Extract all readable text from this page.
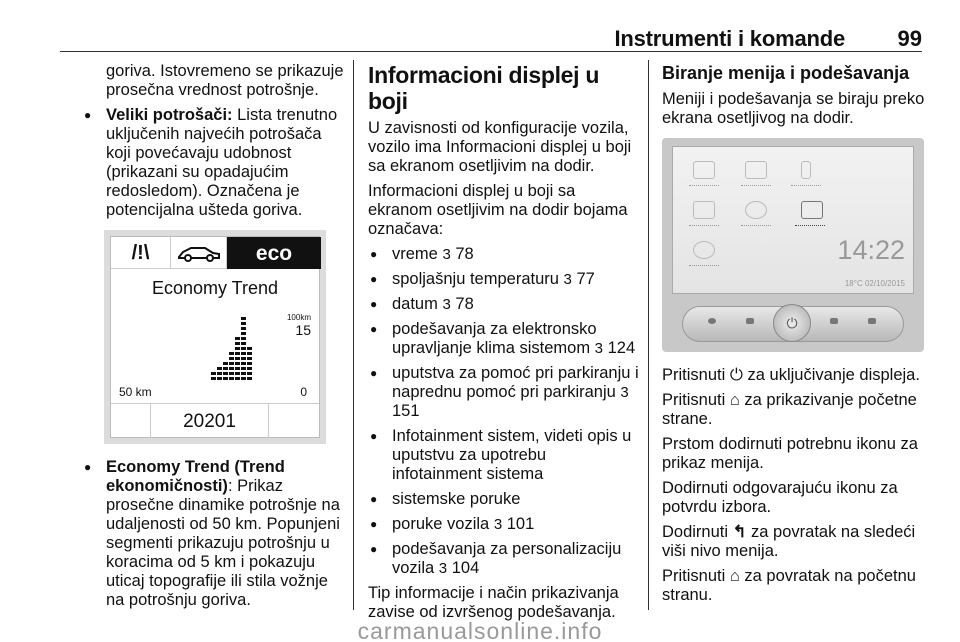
Instrumenti i komande 99

goriva. Istovremeno se prikazuje prosečna vrednost potrošnje.

● Veliki potrošači: Lista trenutno uključenih najvećih potrošača koji povećavaju udobnost (prikazani su opadajućim redosledom). Označena je potencijalna ušteda goriva.
/!\	eco
Economy Trend
100km
15
50 km	0
20201
● Economy Trend (Trend ekonomičnosti): Prikaz prosečne dinamike potrošnje na udaljenosti od 50 km. Popunjeni segmenti prikazuju potrošnju u koracima od 5 km i pokazuju uticaj topografije ili stila vožnje na potrošnju goriva.
Informacioni displej u boji

U zavisnosti od konfiguracije vozila, vozilo ima Informacioni displej u boji sa ekranom osetljivim na dodir.

Informacioni displej u boji sa ekranom osetljivim na dodir bojama označava:

● vreme 3 78
● spoljašnju temperaturu 3 77
● datum 3 78
● podešavanja za elektronsko upravljanje klima sistemom 3 124
● uputstva za pomoć pri parkiranju i naprednu pomoć pri parkiranju 3 151
● Infotainment sistem, videti opis u uputstvu za upotrebu infotainment sistema
● sistemske poruke
● poruke vozila 3 101
● podešavanja za personalizaciju vozila 3 104

Tip informacije i način prikazivanja zavise od izvršenog podešavanja.

Biranje menija i podešavanja

Meniji i podešavanja se biraju preko ekrana osetljivog na dodir.

14:22
18°C 02/10/2015
⏻

Pritisnuti ⏻ za uključivanje displeja.

Pritisnuti ⌂ za prikazivanje početne strane.

Prstom dodirnuti potrebnu ikonu za prikaz menija.

Dodirnuti odgovarajuću ikonu za potvrdu izbora.

Dodirnuti ↰ za povratak na sledeći viši nivo menija.

Pritisnuti ⌂ za povratak na početnu stranu.

carmanualsonline.info
